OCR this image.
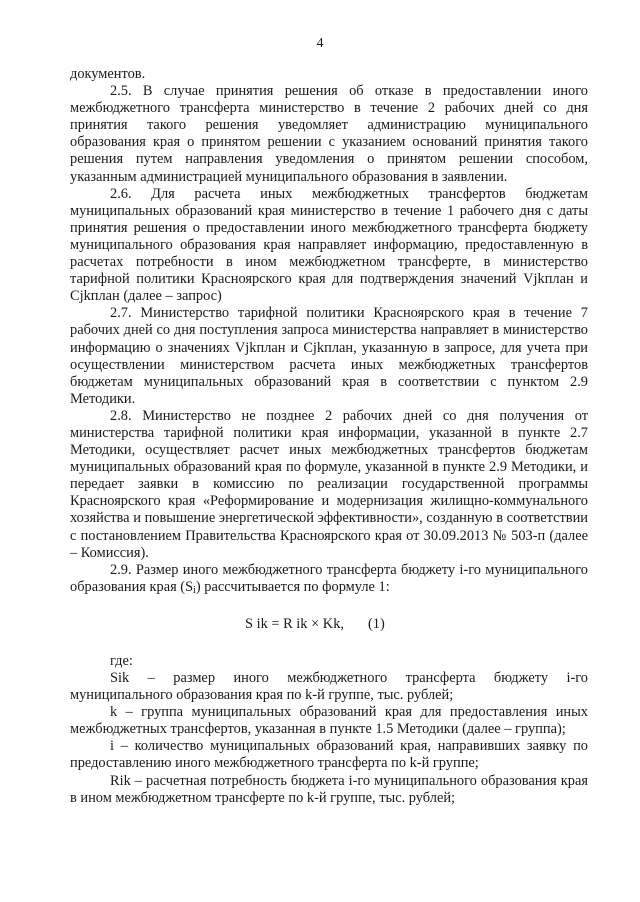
4

документов.

2.5. В случае принятия решения об отказе в предоставлении иного межбюджетного трансферта министерство в течение 2 рабочих дней со дня принятия такого решения уведомляет администрацию муниципального образования края о принятом решении с указанием оснований принятия такого решения путем направления уведомления о принятом решении способом, указанным администрацией муниципального образования в заявлении.

2.6. Для расчета иных межбюджетных трансфертов бюджетам муниципальных образований края министерство в течение 1 рабочего дня с даты принятия решения о предоставлении иного межбюджетного трансферта бюджету муниципального образования края направляет информацию, предоставленную в расчетах потребности в ином межбюджетном трансферте, в министерство тарифной политики Красноярского края для подтверждения значений Vjkплан и Cjkплан (далее – запрос)

2.7. Министерство тарифной политики Красноярского края в течение 7 рабочих дней со дня поступления запроса министерства направляет в министерство информацию о значениях Vjkплан и Cjkплан, указанную в запросе, для учета при осуществлении министерством расчета иных межбюджетных трансфертов бюджетам муниципальных образований края в соответствии с пунктом 2.9 Методики.

2.8. Министерство не позднее 2 рабочих дней со дня получения от министерства тарифной политики края информации, указанной в пункте 2.7 Методики, осуществляет расчет иных межбюджетных трансфертов бюджетам муниципальных образований края по формуле, указанной в пункте 2.9 Методики, и передает заявки в комиссию по реализации государственной программы Красноярского края «Реформирование и модернизация жилищно-коммунального хозяйства и повышение энергетической эффективности», созданную в соответствии с постановлением Правительства Красноярского края от 30.09.2013 № 503-п (далее – Комиссия).

2.9. Размер иного межбюджетного трансферта бюджету i-го муниципального образования края $(S_i)$ рассчитывается по формуле 1:

S ik = R ik × Kk, (1)

где:

Sik – размер иного межбюджетного трансферта бюджету i-го муниципального образования края по k-й группе, тыс. рублей;

k – группа муниципальных образований края для предоставления иных межбюджетных трансфертов, указанная в пункте 1.5 Методики (далее – группа);

i – количество муниципальных образований края, направивших заявку по предоставлению иного межбюджетного трансферта по k-й группе;

Rik – расчетная потребность бюджета i-го муниципального образования края в ином межбюджетном трансферте по k-й группе, тыс. рублей;
